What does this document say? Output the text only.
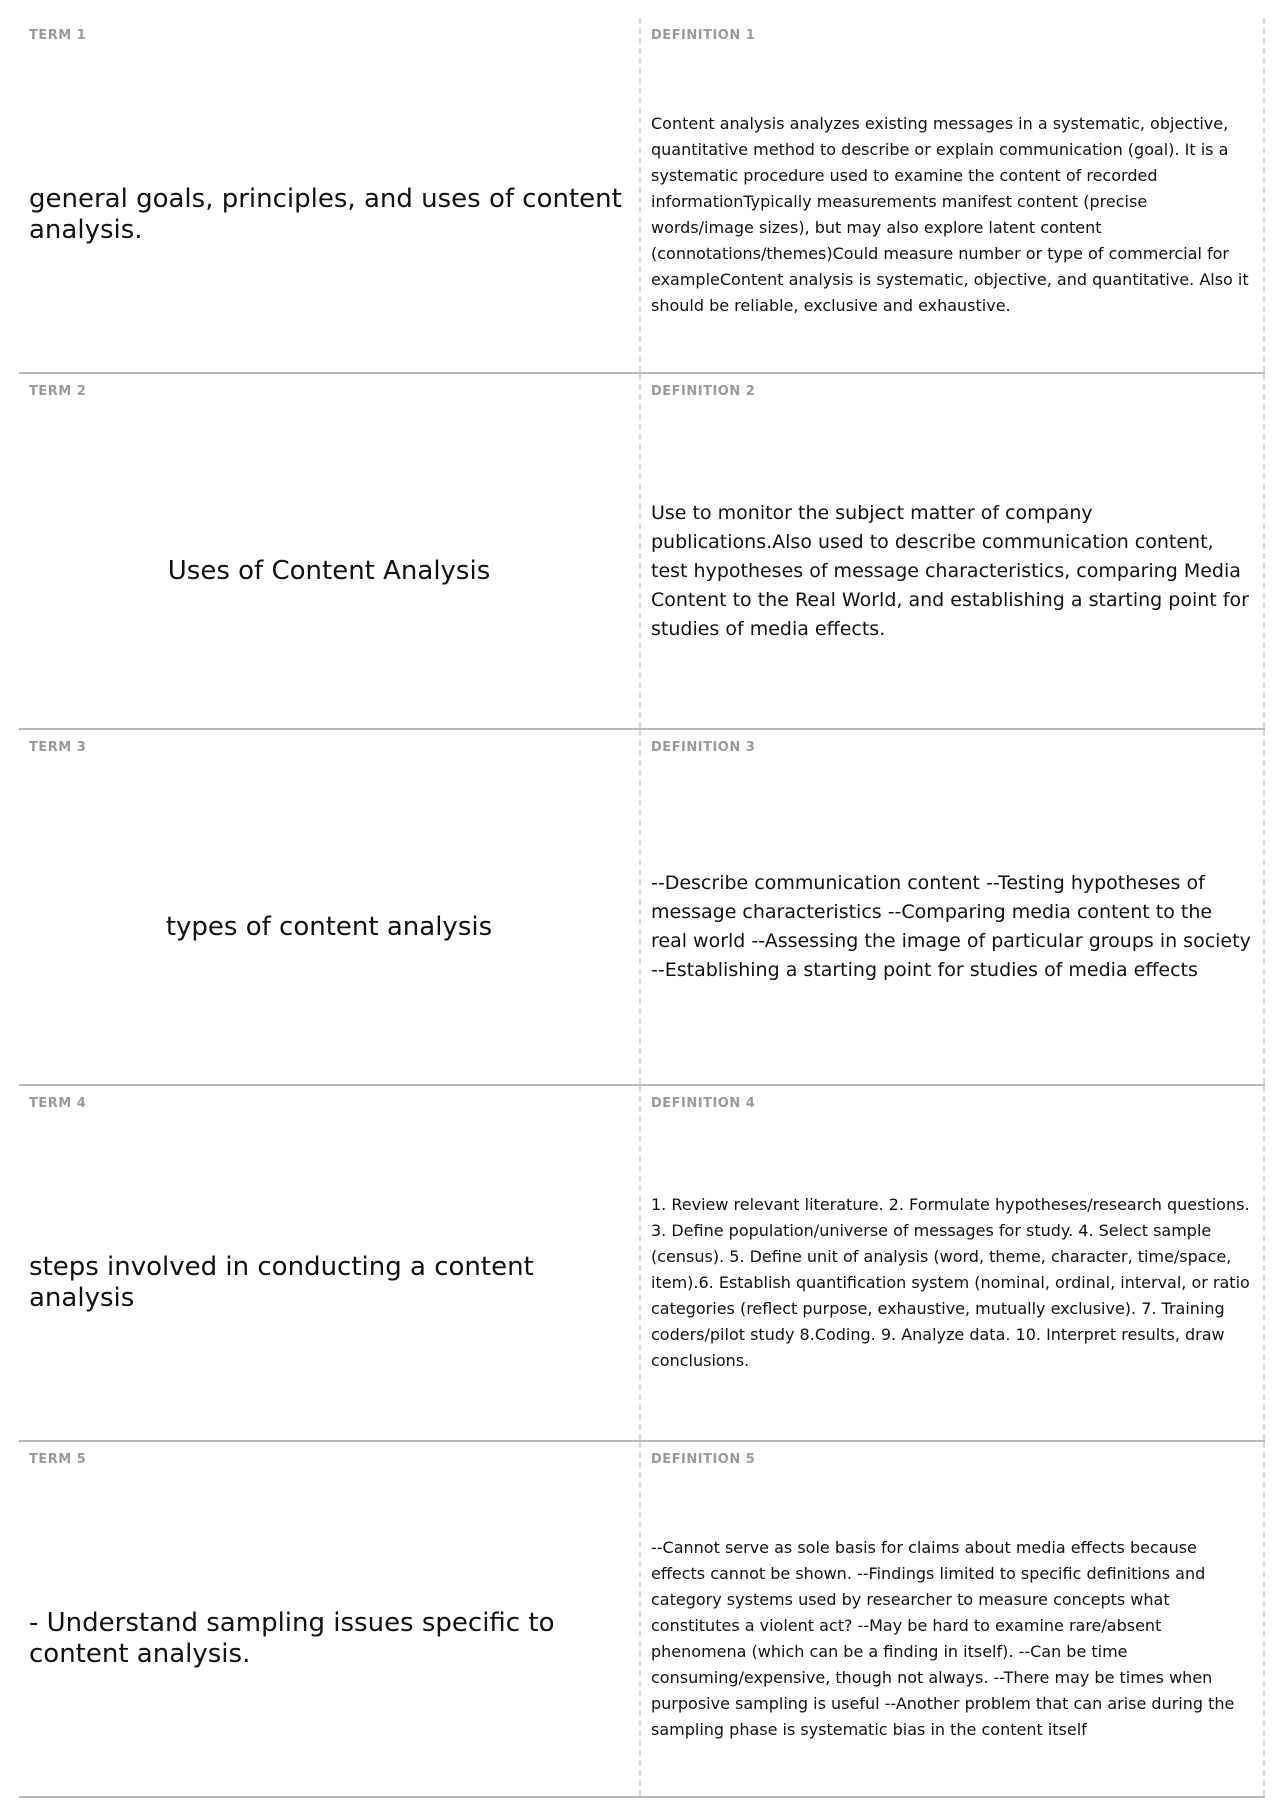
TERM 1
general goals, principles, and uses of content analysis.
DEFINITION 1
Content analysis analyzes existing messages in a systematic, objective, quantitative method to describe or explain communication (goal). It is a systematic procedure used to examine the content of recorded informationTypically measurements manifest content (precise words/image sizes), but may also explore latent content (connotations/themes)Could measure number or type of commercial for exampleContent analysis is systematic, objective, and quantitative. Also it should be reliable, exclusive and exhaustive.
TERM 2
Uses of Content Analysis
DEFINITION 2
Use to monitor the subject matter of company publications.Also used to describe communication content, test hypotheses of message characteristics, comparing Media Content to the Real World, and establishing a starting point for studies of media effects.
TERM 3
types of content analysis
DEFINITION 3
--Describe communication content --Testing hypotheses of message characteristics --Comparing media content to the real world --Assessing the image of particular groups in society --Establishing a starting point for studies of media effects
TERM 4
steps involved in conducting a content analysis
DEFINITION 4
1. Review relevant literature. 2. Formulate hypotheses/research questions. 3. Define population/universe of messages for study. 4. Select sample (census). 5. Define unit of analysis (word, theme, character, time/space, item).6. Establish quantification system (nominal, ordinal, interval, or ratio categories (reflect purpose, exhaustive, mutually exclusive). 7. Training coders/pilot study 8.Coding. 9. Analyze data. 10. Interpret results, draw conclusions.
TERM 5
- Understand sampling issues specific to content analysis.
DEFINITION 5
--Cannot serve as sole basis for claims about media effects because effects cannot be shown. --Findings limited to specific definitions and category systems used by researcher to measure concepts what constitutes a violent act? --May be hard to examine rare/absent phenomena (which can be a finding in itself). --Can be time consuming/expensive, though not always. --There may be times when purposive sampling is useful --Another problem that can arise during the sampling phase is systematic bias in the content itself
